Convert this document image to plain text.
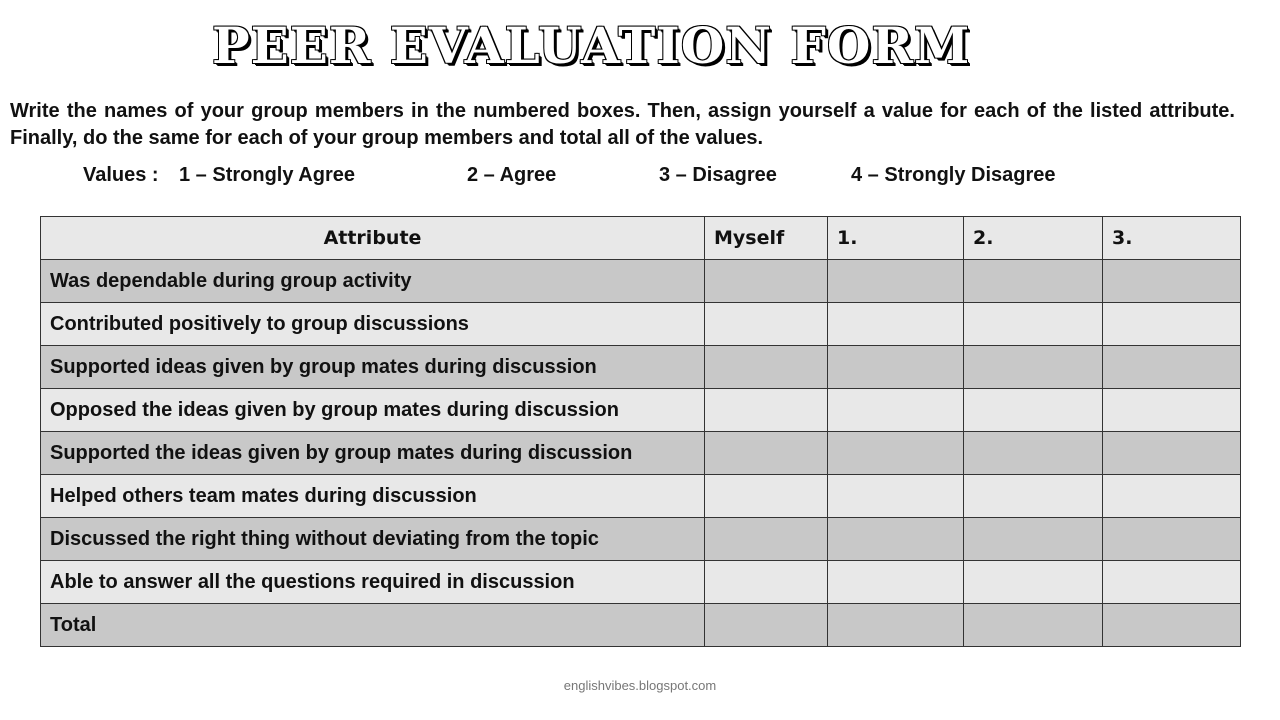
PEER EVALUATION FORM
Write the names of your group members in the numbered boxes. Then, assign yourself a value for each of the listed attribute. Finally, do the same for each of your group members and total all of the values.
Values : 1 – Strongly Agree	2 – Agree	3 – Disagree	4 – Strongly Disagree
Attribute	Myself	1.	2.	3.
Was dependable during group activity				
Contributed positively to group discussions				
Supported ideas given by group mates during discussion				
Opposed the ideas given by group mates during discussion				
Supported the ideas given by group mates during discussion				
Helped others team mates during discussion				
Discussed the right thing without deviating from the topic				
Able to answer all the questions required in discussion				
Total				
englishvibes.blogspot.com
